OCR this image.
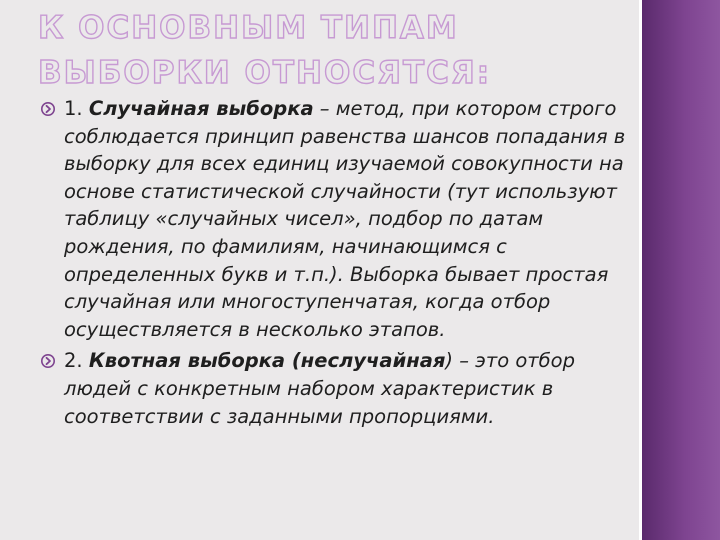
К ОСНОВНЫМ ТИПАМ ВЫБОРКИ ОТНОСЯТСЯ:

1. Случайная выборка – метод, при котором строго соблюдается принцип равенства шансов попадания в выборку для всех единиц изучаемой совокупности на основе статистической случайности (тут используют таблицу «случайных чисел», подбор по датам рождения, по фамилиям, начинающимся с определенных букв и т.п.). Выборка бывает простая случайная или многоступенчатая, когда отбор осуществляется в несколько этапов.

2. Квотная выборка (неслучайная) – это отбор людей с конкретным набором характеристик в соответствии с заданными пропорциями.
